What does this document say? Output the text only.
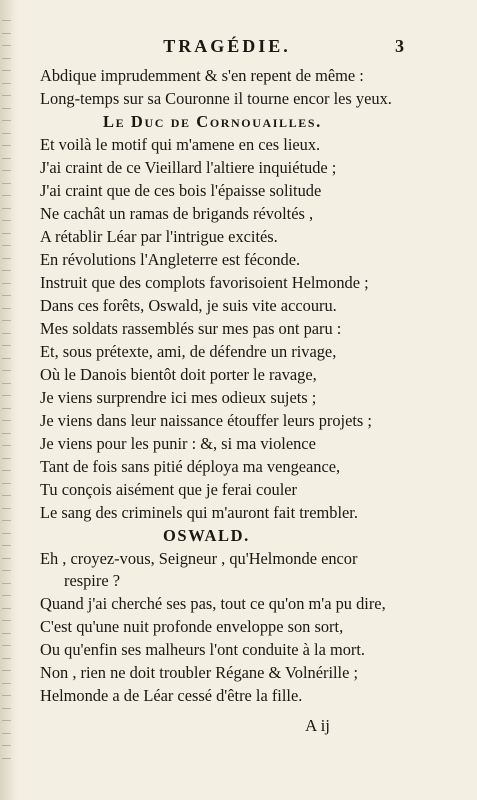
TRAGÉDIE.	3
Abdique imprudemment & s'en repent de même :
Long-temps sur sa Couronne il tourne encor les yeux.
Le Duc de Cornouailles.
Et voilà le motif qui m'amene en ces lieux.
J'ai craint de ce Vieillard l'altiere inquiétude ;
J'ai craint que de ces bois l'épaisse solitude
Ne cachât un ramas de brigands révoltés ,
A rétablir Léar par l'intrigue excités.
En révolutions l'Angleterre est féconde.
Instruit que des complots favorisoient Helmonde ;
Dans ces forêts, Oswald, je suis vite accouru.
Mes soldats rassemblés sur mes pas ont paru :
Et, sous prétexte, ami, de défendre un rivage,
Où le Danois bientôt doit porter le ravage,
Je viens surprendre ici mes odieux sujets ;
Je viens dans leur naissance étouffer leurs projets ;
Je viens pour les punir : &, si ma violence
Tant de fois sans pitié déploya ma vengeance,
Tu conçois aisément que je ferai couler
Le sang des criminels qui m'auront fait trembler.
OSWALD.
Eh , croyez-vous, Seigneur , qu'Helmonde encor
respire ?
Quand j'ai cherché ses pas, tout ce qu'on m'a pu dire,
C'est qu'une nuit profonde enveloppe son sort,
Ou qu'enfin ses malheurs l'ont conduite à la mort.
Non , rien ne doit troubler Régane & Volnérille ;
Helmonde a de Léar cessé d'être la fille.
A ij
